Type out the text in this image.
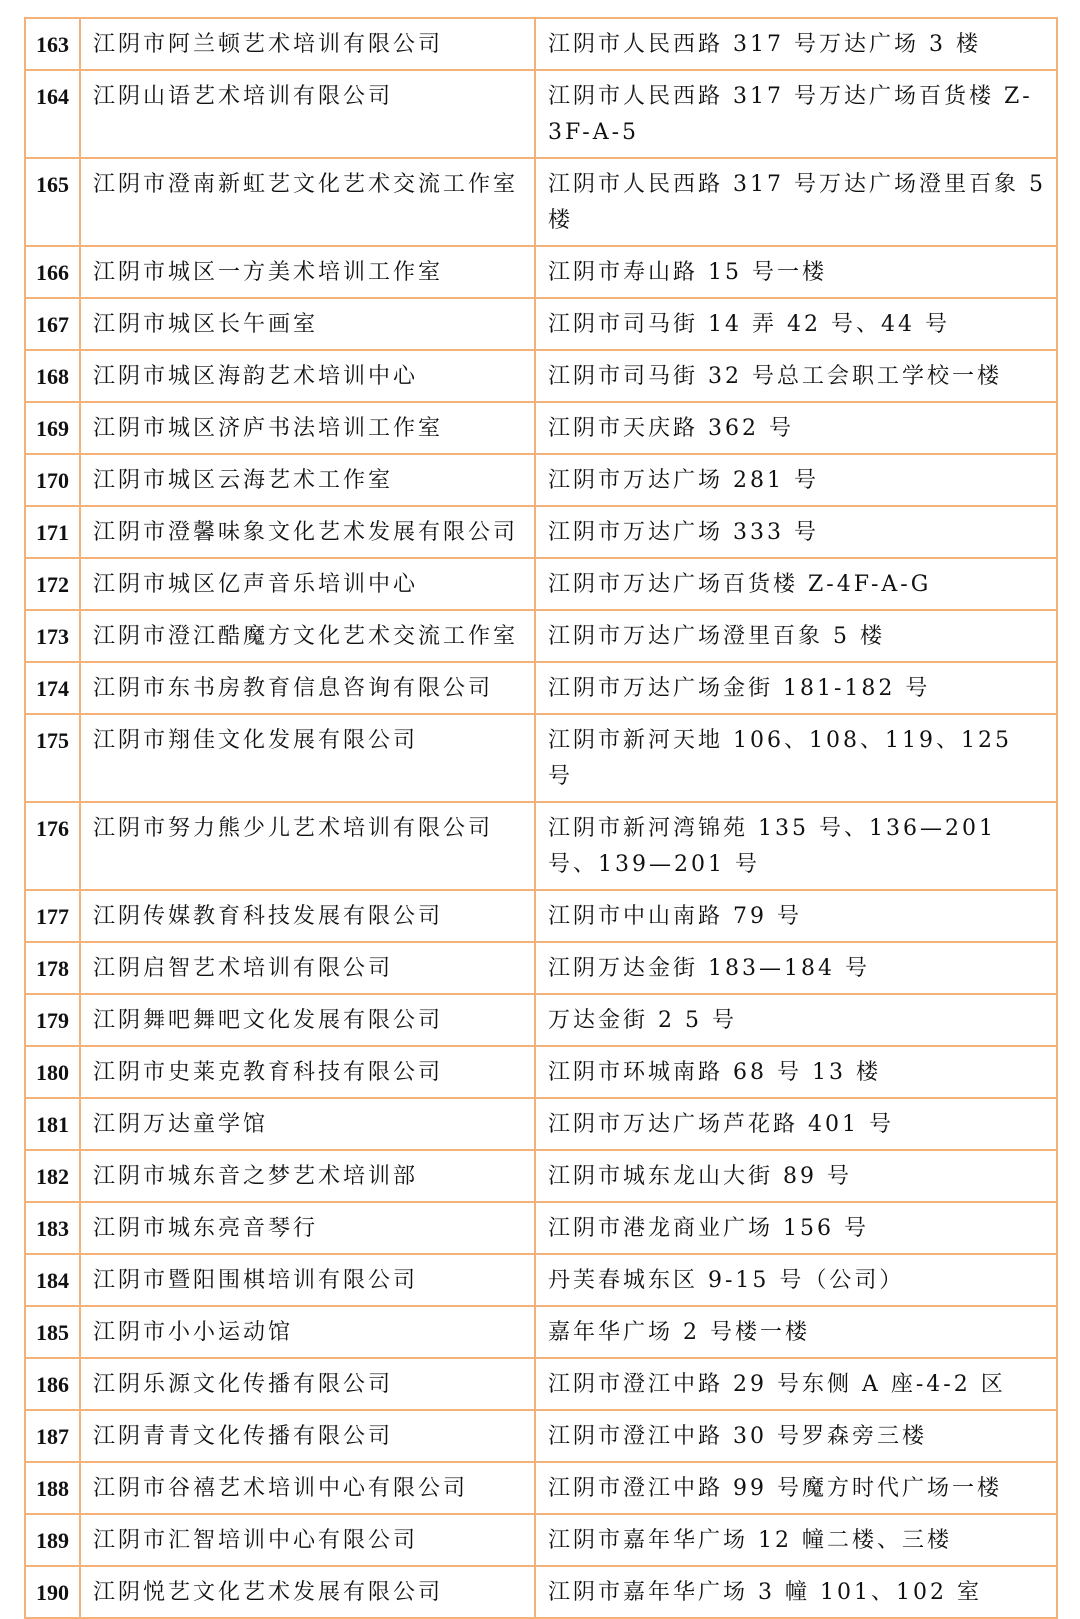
163	江阴市阿兰顿艺术培训有限公司	江阴市人民西路 317 号万达广场 3 楼
164	江阴山语艺术培训有限公司	江阴市人民西路 317 号万达广场百货楼 Z-3F-A-5
165	江阴市澄南新虹艺文化艺术交流工作室	江阴市人民西路 317 号万达广场澄里百象 5 楼
166	江阴市城区一方美术培训工作室	江阴市寿山路 15 号一楼
167	江阴市城区长午画室	江阴市司马街 14 弄 42 号、44 号
168	江阴市城区海韵艺术培训中心	江阴市司马街 32 号总工会职工学校一楼
169	江阴市城区济庐书法培训工作室	江阴市天庆路 362 号
170	江阴市城区云海艺术工作室	江阴市万达广场 281 号
171	江阴市澄馨味象文化艺术发展有限公司	江阴市万达广场 333 号
172	江阴市城区亿声音乐培训中心	江阴市万达广场百货楼 Z-4F-A-G
173	江阴市澄江酷魔方文化艺术交流工作室	江阴市万达广场澄里百象 5 楼
174	江阴市东书房教育信息咨询有限公司	江阴市万达广场金街 181-182 号
175	江阴市翔佳文化发展有限公司	江阴市新河天地 106、108、119、125 号
176	江阴市努力熊少儿艺术培训有限公司	江阴市新河湾锦苑 135 号、136—201 号、139—201 号
177	江阴传媒教育科技发展有限公司	江阴市中山南路 79 号
178	江阴启智艺术培训有限公司	江阴万达金街 183—184 号
179	江阴舞吧舞吧文化发展有限公司	万达金街 2 5 号
180	江阴市史莱克教育科技有限公司	江阴市环城南路 68 号 13 楼
181	江阴万达童学馆	江阴市万达广场芦花路 401 号
182	江阴市城东音之梦艺术培训部	江阴市城东龙山大街 89 号
183	江阴市城东亮音琴行	江阴市港龙商业广场 156 号
184	江阴市暨阳围棋培训有限公司	丹芙春城东区 9-15 号（公司）
185	江阴市小小运动馆	嘉年华广场 2 号楼一楼
186	江阴乐源文化传播有限公司	江阴市澄江中路 29 号东侧 A 座-4-2 区
187	江阴青青文化传播有限公司	江阴市澄江中路 30 号罗森旁三楼
188	江阴市谷禧艺术培训中心有限公司	江阴市澄江中路 99 号魔方时代广场一楼
189	江阴市汇智培训中心有限公司	江阴市嘉年华广场 12 幢二楼、三楼
190	江阴悦艺文化艺术发展有限公司	江阴市嘉年华广场 3 幢 101、102 室
